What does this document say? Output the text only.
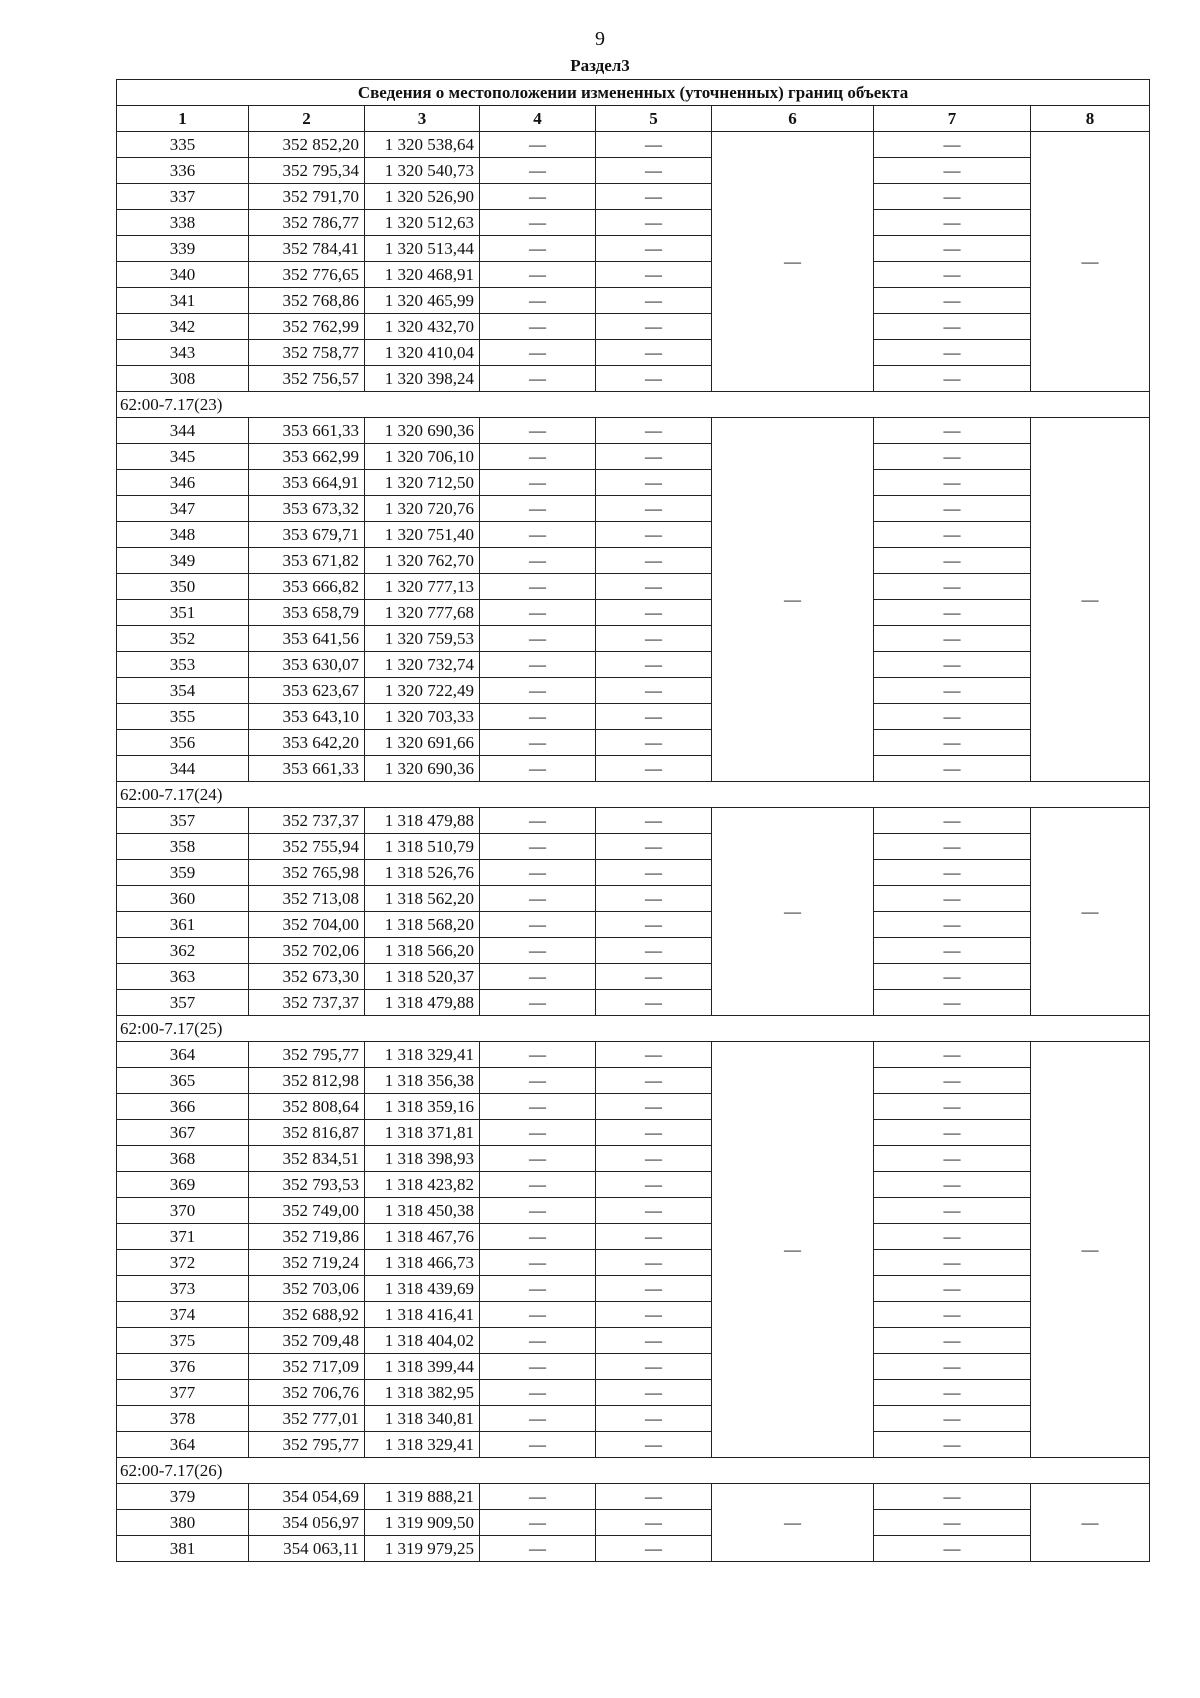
9
Раздел3
Сведения о местоположении измененных (уточненных) границ объекта							
1	2	3	4	5	6	7	8
335	352 852,20	1 320 538,64	—	—	—	—	—
336	352 795,34	1 320 540,73	—	—		—	
337	352 791,70	1 320 526,90	—	—		—	
338	352 786,77	1 320 512,63	—	—		—	
339	352 784,41	1 320 513,44	—	—		—	
340	352 776,65	1 320 468,91	—	—		—	
341	352 768,86	1 320 465,99	—	—		—	
342	352 762,99	1 320 432,70	—	—		—	
343	352 758,77	1 320 410,04	—	—		—	
308	352 756,57	1 320 398,24	—	—		—	
62:00-7.17(23)							
344	353 661,33	1 320 690,36	—	—	—	—	—
345	353 662,99	1 320 706,10	—	—		—	
346	353 664,91	1 320 712,50	—	—		—	
347	353 673,32	1 320 720,76	—	—		—	
348	353 679,71	1 320 751,40	—	—		—	
349	353 671,82	1 320 762,70	—	—		—	
350	353 666,82	1 320 777,13	—	—		—	
351	353 658,79	1 320 777,68	—	—		—	
352	353 641,56	1 320 759,53	—	—		—	
353	353 630,07	1 320 732,74	—	—		—	
354	353 623,67	1 320 722,49	—	—		—	
355	353 643,10	1 320 703,33	—	—		—	
356	353 642,20	1 320 691,66	—	—		—	
344	353 661,33	1 320 690,36	—	—		—	
62:00-7.17(24)							
357	352 737,37	1 318 479,88	—	—	—	—	—
358	352 755,94	1 318 510,79	—	—		—	
359	352 765,98	1 318 526,76	—	—		—	
360	352 713,08	1 318 562,20	—	—		—	
361	352 704,00	1 318 568,20	—	—		—	
362	352 702,06	1 318 566,20	—	—		—	
363	352 673,30	1 318 520,37	—	—		—	
357	352 737,37	1 318 479,88	—	—		—	
62:00-7.17(25)							
364	352 795,77	1 318 329,41	—	—	—	—	—
365	352 812,98	1 318 356,38	—	—		—	
366	352 808,64	1 318 359,16	—	—		—	
367	352 816,87	1 318 371,81	—	—		—	
368	352 834,51	1 318 398,93	—	—		—	
369	352 793,53	1 318 423,82	—	—		—	
370	352 749,00	1 318 450,38	—	—		—	
371	352 719,86	1 318 467,76	—	—		—	
372	352 719,24	1 318 466,73	—	—		—	
373	352 703,06	1 318 439,69	—	—		—	
374	352 688,92	1 318 416,41	—	—		—	
375	352 709,48	1 318 404,02	—	—		—	
376	352 717,09	1 318 399,44	—	—		—	
377	352 706,76	1 318 382,95	—	—		—	
378	352 777,01	1 318 340,81	—	—		—	
364	352 795,77	1 318 329,41	—	—		—	
62:00-7.17(26)							
379	354 054,69	1 319 888,21	—	—	—	—	—
380	354 056,97	1 319 909,50	—	—		—	
381	354 063,11	1 319 979,25	—	—		—	
